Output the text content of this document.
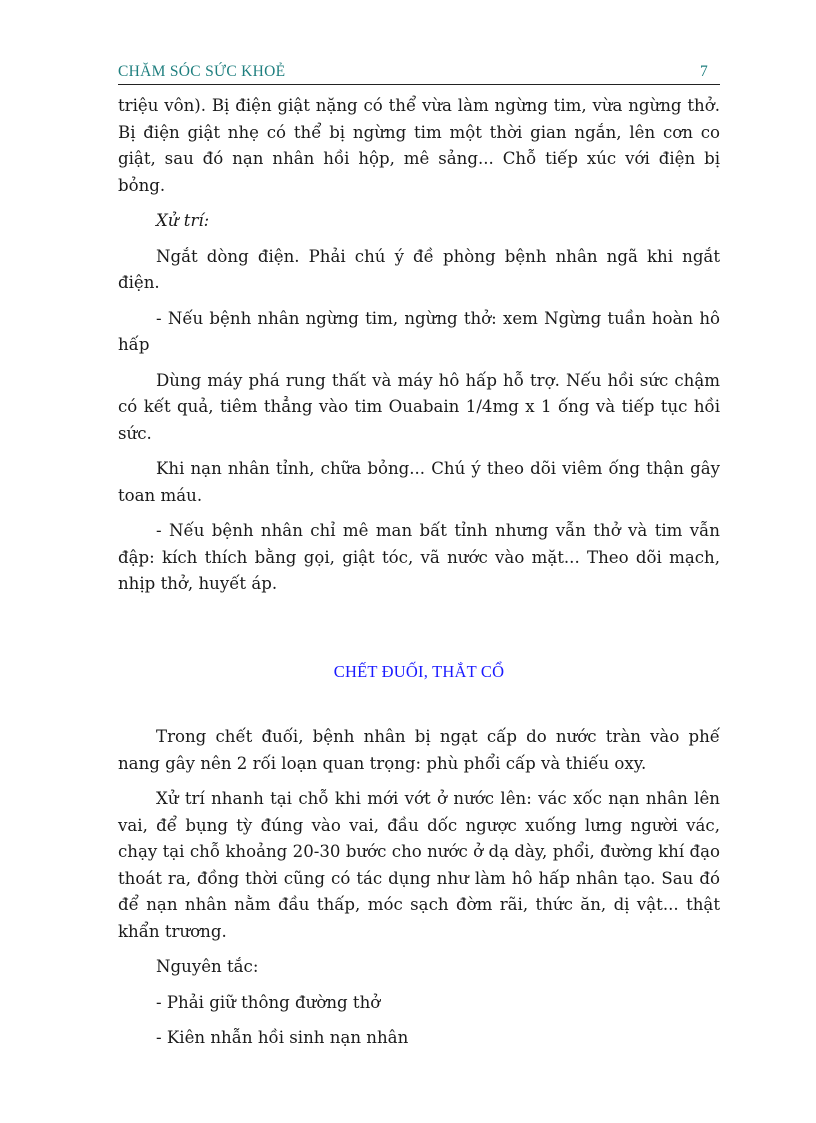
CHĂM SÓC SỨC KHOẺ	7

triệu vôn). Bị điện giật nặng có thể vừa làm ngừng tim, vừa ngừng thở. Bị điện giật nhẹ có thể bị ngừng tim một thời gian ngắn, lên cơn co giật, sau đó nạn nhân hồi hộp, mê sảng... Chỗ tiếp xúc với điện bị bỏng.

Xử trí:

Ngắt dòng điện. Phải chú ý đề phòng bệnh nhân ngã khi ngắt điện.

- Nếu bệnh nhân ngừng tim, ngừng thở: xem Ngừng tuần hoàn hô hấp

Dùng máy phá rung thất và máy hô hấp hỗ trợ. Nếu hồi sức chậm có kết quả, tiêm thẳng vào tim Ouabain 1/4mg x 1 ống và tiếp tục hồi sức.

Khi nạn nhân tỉnh, chữa bỏng... Chú ý theo dõi viêm ống thận gây toan máu.

- Nếu bệnh nhân chỉ mê man bất tỉnh nhưng vẫn thở và tim vẫn đập: kích thích bằng gọi, giật tóc, vã nước vào mặt... Theo dõi mạch, nhịp thở, huyết áp.

CHẾT ĐUỐI, THẮT CỔ

Trong chết đuối, bệnh nhân bị ngạt cấp do nước tràn vào phế nang gây nên 2 rối loạn quan trọng: phù phổi cấp và thiếu oxy.

Xử trí nhanh tại chỗ khi mới vớt ở nước lên: vác xốc nạn nhân lên vai, để bụng tỳ đúng vào vai, đầu dốc ngược xuống lưng người vác, chạy tại chỗ khoảng 20-30 bước cho nước ở dạ dày, phổi, đường khí đạo thoát ra, đồng thời cũng có tác dụng như làm hô hấp nhân tạo. Sau đó để nạn nhân nằm đầu thấp, móc sạch đờm rãi, thức ăn, dị vật... thật khẩn trương.

Nguyên tắc:

- Phải giữ thông đường thở

- Kiên nhẫn hồi sinh nạn nhân
